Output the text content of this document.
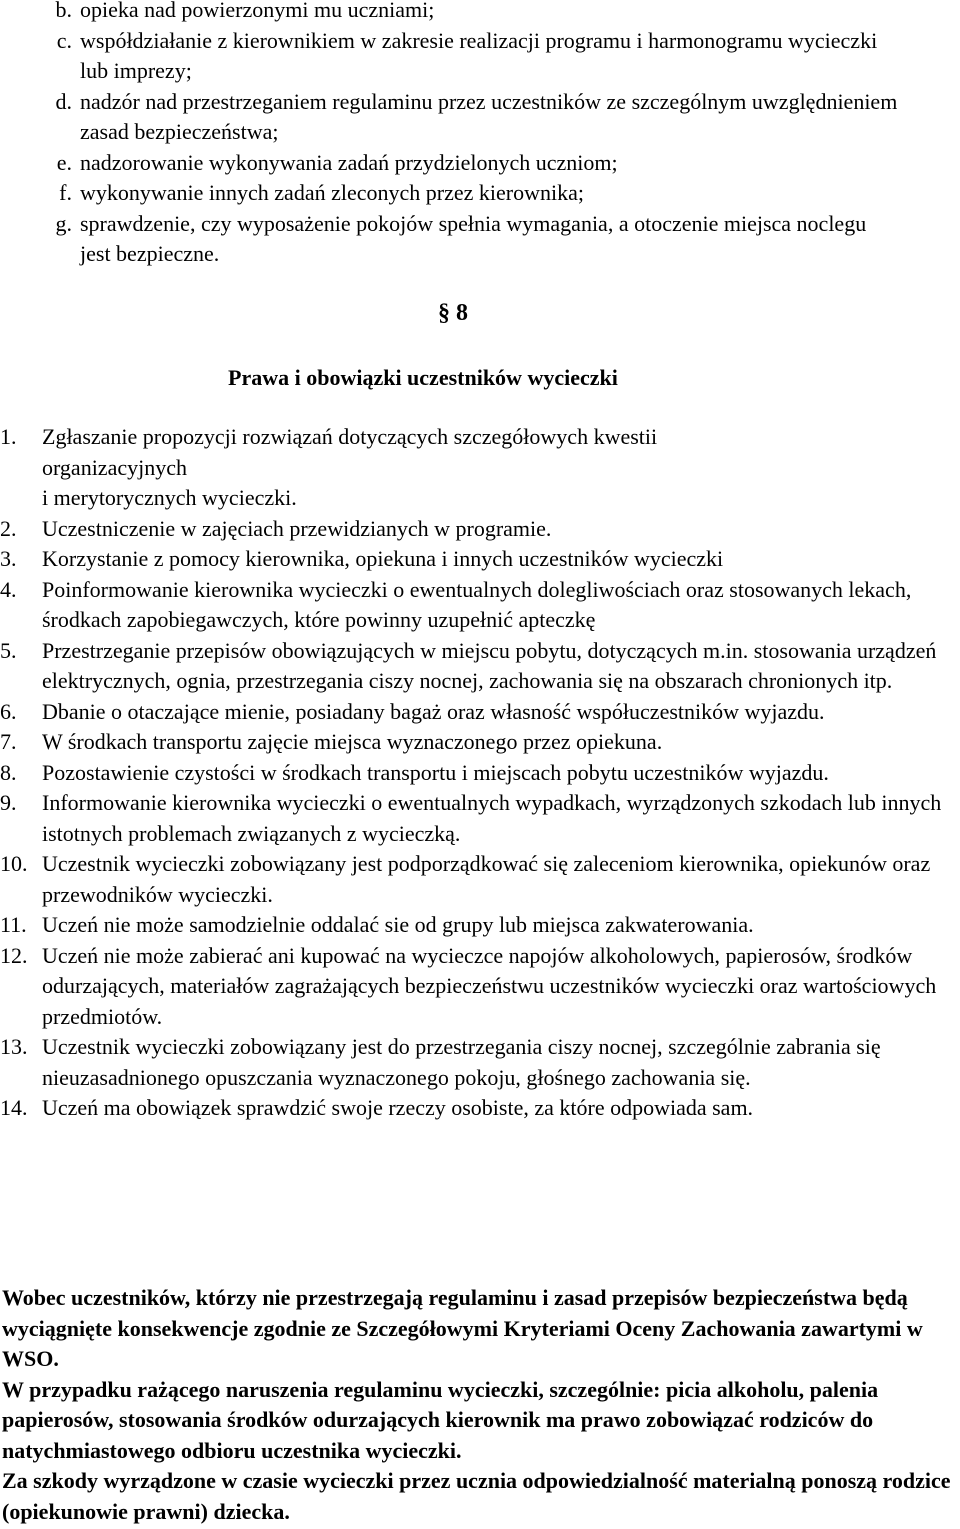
b. opieka nad powierzonymi mu uczniami;
c. współdziałanie z kierownikiem w zakresie realizacji programu i harmonogramu wycieczki lub imprezy;
d. nadzór nad przestrzeganiem regulaminu przez uczestników ze szczególnym uwzględnieniem zasad bezpieczeństwa;
e. nadzorowanie wykonywania zadań przydzielonych uczniom;
f. wykonywanie innych zadań zleconych przez kierownika;
g. sprawdzenie, czy wyposażenie pokojów spełnia wymagania, a otoczenie miejsca noclegu jest bezpieczne.
§ 8
Prawa i obowiązki uczestników wycieczki
1.	Zgłaszanie propozycji rozwiązań dotyczących szczegółowych kwestii
organizacyjnych
i merytorycznych wycieczki.
2.	Uczestniczenie w zajęciach przewidzianych w programie.
3.	Korzystanie z pomocy kierownika, opiekuna i innych uczestników wycieczki
4.	Poinformowanie kierownika wycieczki o ewentualnych dolegliwościach oraz stosowanych lekach, środkach zapobiegawczych, które powinny uzupełnić apteczkę
5.	Przestrzeganie przepisów obowiązujących w miejscu pobytu, dotyczących m.in. stosowania urządzeń elektrycznych, ognia, przestrzegania ciszy nocnej, zachowania się na obszarach chronionych itp.
6.	Dbanie o otaczające mienie, posiadany bagaż oraz własność współuczestników wyjazdu.
7.	W środkach transportu zajęcie miejsca wyznaczonego przez opiekuna.
8.	Pozostawienie czystości w środkach transportu i miejscach pobytu uczestników wyjazdu.
9.	Informowanie kierownika wycieczki o ewentualnych wypadkach, wyrządzonych szkodach lub innych istotnych problemach związanych z wycieczką.
10. Uczestnik wycieczki zobowiązany jest podporządkować się zaleceniom kierownika, opiekunów oraz przewodników wycieczki.
11. Uczeń nie może samodzielnie oddalać sie od grupy lub miejsca zakwaterowania.
12. Uczeń nie może zabierać ani kupować na wycieczce napojów alkoholowych, papierosów, środków odurzających, materiałów zagrażających bezpieczeństwu uczestników wycieczki oraz wartościowych przedmiotów.
13. Uczestnik wycieczki zobowiązany jest do przestrzegania ciszy nocnej, szczególnie zabrania się nieuzasadnionego opuszczania wyznaczonego pokoju, głośnego zachowania się.
14. Uczeń ma obowiązek sprawdzić swoje rzeczy osobiste, za które odpowiada sam.

Wobec uczestników, którzy nie przestrzegają regulaminu i zasad przepisów bezpieczeństwa będą wyciągnięte konsekwencje zgodnie ze Szczegółowymi Kryteriami Oceny Zachowania zawartymi w WSO.

W przypadku rażącego naruszenia regulaminu wycieczki, szczególnie: picia alkoholu, palenia papierosów, stosowania środków odurzających kierownik ma prawo zobowiązać rodziców do natychmiastowego odbioru uczestnika wycieczki.

Za szkody wyrządzone w czasie wycieczki przez ucznia odpowiedzialność materialną ponoszą rodzice (opiekunowie prawni) dziecka.
